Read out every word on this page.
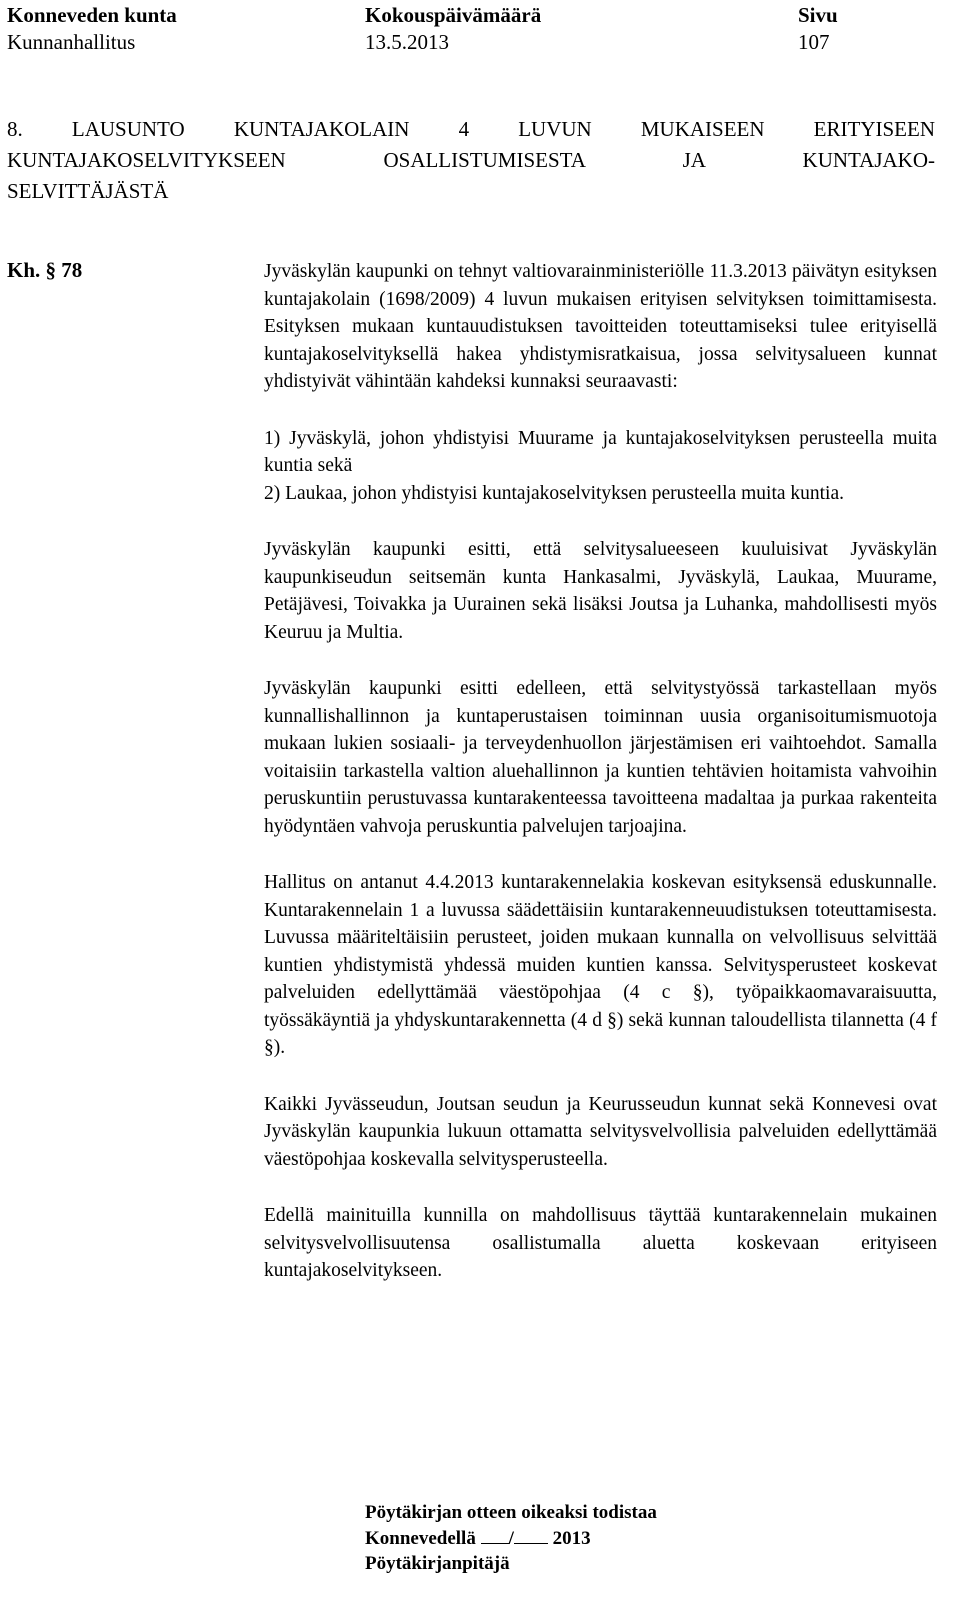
Konneveden kunta	Kokouspäivämäärä	Sivu
Kunnanhallitus	13.5.2013	107
8. LAUSUNTO KUNTAJAKOLAIN 4 LUVUN MUKAISEEN ERITYISEEN
KUNTAJAKOSELVITYKSEEN OSALLISTUMISESTA JA KUNTAJAKO-
SELVITTÄJÄSTÄ
Kh. § 78	Jyväskylän kaupunki on tehnyt valtiovarainministeriölle 11.3.2013 päivätyn esityksen kuntajakolain (1698/2009) 4 luvun mukaisen erityisen selvityksen toimittamisesta. Esityksen mukaan kuntauudistuksen tavoitteiden toteuttamiseksi tulee erityisellä kuntajakoselvityksellä hakea yhdistymisratkaisua, jossa selvitysalueen kunnat yhdistyivät vähintään kahdeksi kunnaksi seuraavasti:

1) Jyväskylä, johon yhdistyisi Muurame ja kuntajakoselvityksen perusteella muita kuntia sekä

2) Laukaa, johon yhdistyisi kuntajakoselvityksen perusteella muita kuntia.

Jyväskylän kaupunki esitti, että selvitysalueeseen kuuluisivat Jyväskylän kaupunkiseudun seitsemän kunta Hankasalmi, Jyväskylä, Laukaa, Muurame, Petäjävesi, Toivakka ja Uurainen sekä lisäksi Joutsa ja Luhanka, mahdollisesti myös Keuruu ja Multia.

Jyväskylän kaupunki esitti edelleen, että selvitystyössä tarkastellaan myös kunnallishallinnon ja kuntaperustaisen toiminnan uusia organisoitumismuotoja mukaan lukien sosiaali- ja terveydenhuollon järjestämisen eri vaihtoehdot. Samalla voitaisiin tarkastella valtion aluehallinnon ja kuntien tehtävien hoitamista vahvoihin peruskuntiin perustuvassa kuntarakenteessa tavoitteena madaltaa ja purkaa rakenteita hyödyntäen vahvoja peruskuntia palvelujen tarjoajina.

Hallitus on antanut 4.4.2013 kuntarakennelakia koskevan esityksensä eduskunnalle. Kuntarakennelain 1 a luvussa säädettäisiin kuntarakenneuudistuksen toteuttamisesta. Luvussa määriteltäisiin perusteet, joiden mukaan kunnalla on velvollisuus selvittää kuntien yhdistymistä yhdessä muiden kuntien kanssa. Selvitysperusteet koskevat palveluiden edellyttämää väestöpohjaa (4 c §), työpaikkaomavaraisuutta, työssäkäyntiä ja yhdyskuntarakennetta (4 d §) sekä kunnan taloudellista tilannetta (4 f §).

Kaikki Jyvässeudun, Joutsan seudun ja Keurusseudun kunnat sekä Konnevesi ovat Jyväskylän kaupunkia lukuun ottamatta selvitysvelvollisia palveluiden edellyttämää väestöpohjaa koskevalla selvitysperusteella.

Edellä mainituilla kunnilla on mahdollisuus täyttää kuntarakennelain mukainen selvitysvelvollisuutensa osallistumalla aluetta koskevaan erityiseen kuntajakoselvitykseen.

Pöytäkirjan otteen oikeaksi todistaa
Konnevedellä / 2013
Pöytäkirjanpitäjä
